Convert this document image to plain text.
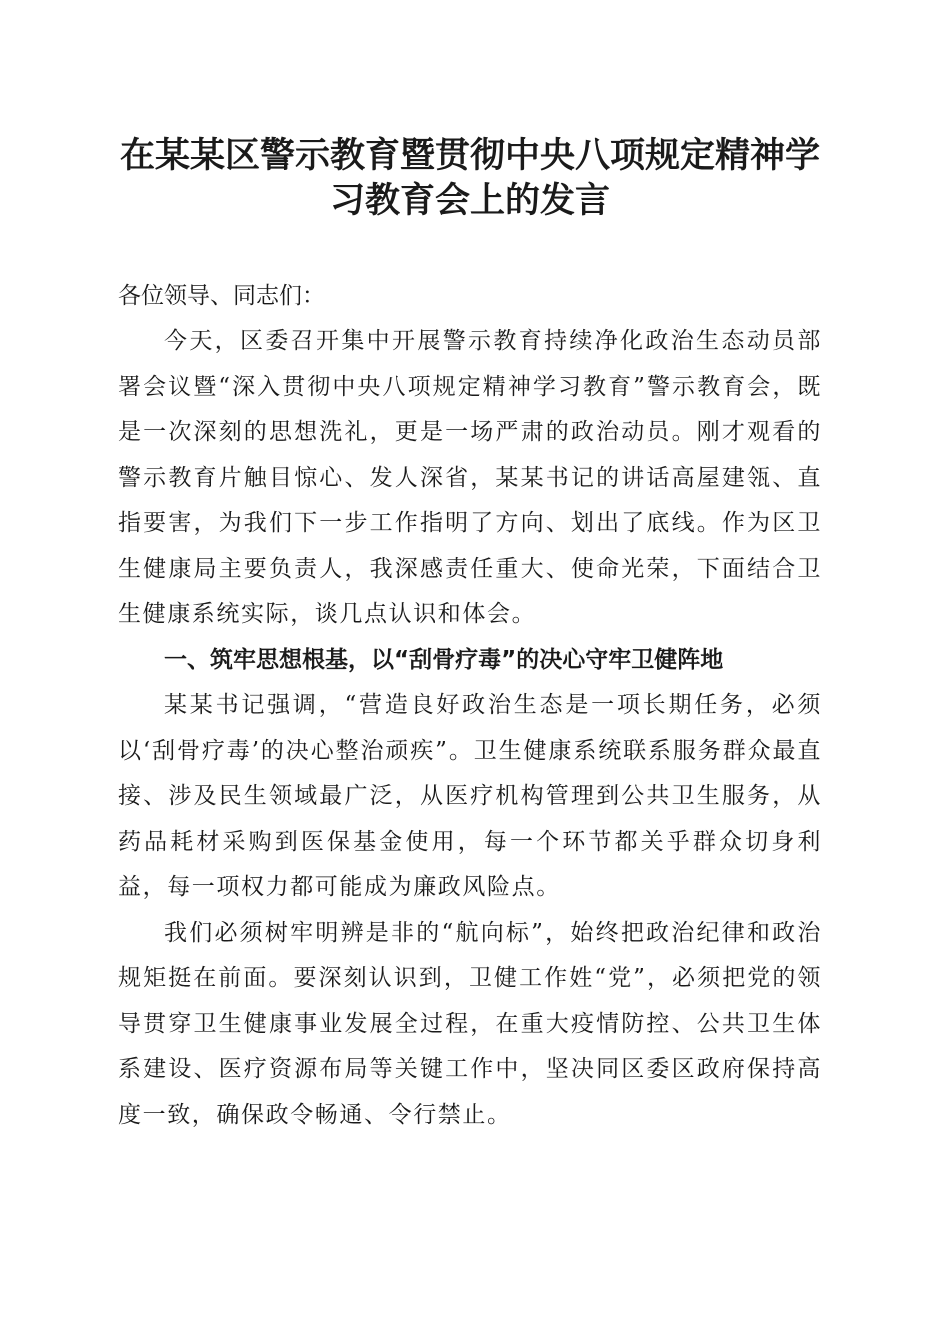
在某某区警示教育暨贯彻中央八项规定精神学
习教育会上的发言

各位领导、同志们：

今天，区委召开集中开展警示教育持续净化政治生态动员部署会议暨“深入贯彻中央八项规定精神学习教育”警示教育会，既是一次深刻的思想洗礼，更是一场严肃的政治动员。刚才观看的警示教育片触目惊心、发人深省，某某书记的讲话高屋建瓴、直指要害，为我们下一步工作指明了方向、划出了底线。作为区卫生健康局主要负责人，我深感责任重大、使命光荣，下面结合卫生健康系统实际，谈几点认识和体会。

一、筑牢思想根基，以“刮骨疗毒”的决心守牢卫健阵地

某某书记强调，“营造良好政治生态是一项长期任务，必须以‘刮骨疗毒’的决心整治顽疾”。卫生健康系统联系服务群众最直接、涉及民生领域最广泛，从医疗机构管理到公共卫生服务，从药品耗材采购到医保基金使用，每一个环节都关乎群众切身利益，每一项权力都可能成为廉政风险点。

我们必须树牢明辨是非的“航向标”，始终把政治纪律和政治规矩挺在前面。要深刻认识到，卫健工作姓“党”，必须把党的领导贯穿卫生健康事业发展全过程，在重大疫情防控、公共卫生体系建设、医疗资源布局等关键工作中，坚决同区委区政府保持高度一致，确保政令畅通、令行禁止。
